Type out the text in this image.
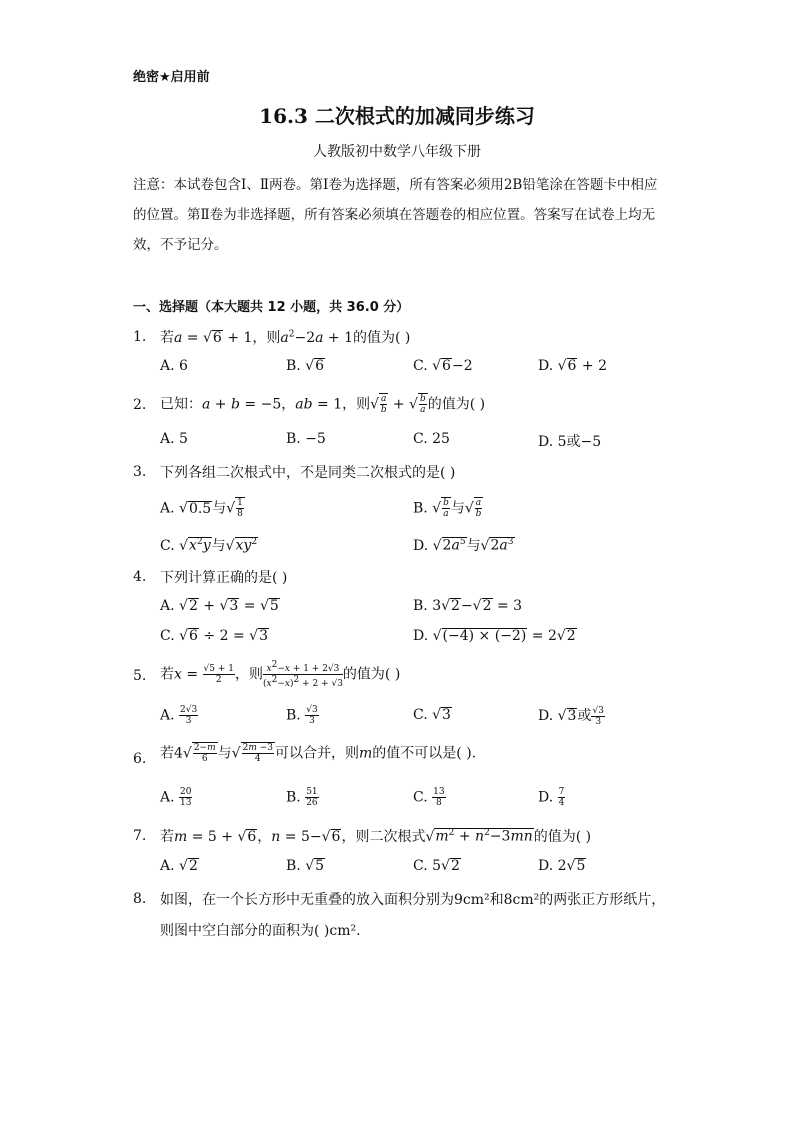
绝密★启用前
16.3 二次根式的加减同步练习
人教版初中数学八年级下册
注意：本试卷包含Ⅰ、Ⅱ两卷。第Ⅰ卷为选择题，所有答案必须用2B铅笔涂在答题卡中相应的位置。第Ⅱ卷为非选择题，所有答案必须填在答题卷的相应位置。答案写在试卷上均无效，不予记分。
一、选择题（本大题共 12 小题，共 36.0 分）
1. 若a = √6 + 1，则$a^2-2a + 1$的值为( )
A. 6	B. √6	C. √6−2	D. √6 + 2
2. 已知：a + b = −5，ab = 1，则√ $\frac{a}{b}$ + √ $\frac{b}{a}$ 的值为( )
A. 5	B. −5	C. 25	D. 5或−5
3. 下列各组二次根式中，不是同类二次根式的是( )
A. √0.5与√ $\frac{1}{8}$	B. √ $\frac{b}{a}$ 与√ $\frac{a}{b}$
C. $√x^2y$与$√xy^2$	D. $√2a^5$与$√2a^3$
4. 下列计算正确的是( )
A. √2 + √3 = √5	B. 3√2−√2 = 3
C. √6 ÷ 2 = √3	D. √(−4) × (−2) = 2√2
5. 若$x = \frac{√5 + 1}{2}$ ，则 $\frac{x^2-x + 1 + 2√3}{(x^2-x)^2 + 2 + √3}$ 的值为( )
A. $\frac{2√3}{3}$	B. $\frac{√3}{3}$	C. √3	D. √3或 $\frac{√3}{3}$
6. 若$4√ \frac{2-m}{6}$ 与√ $\frac{2m -3}{4}$ 可以合并，则m的值不可以是( ).
A. $\frac{20}{13}$	B. $\frac{51}{26}$	C. $\frac{13}{8}$	D. $\frac{7}{4}$
7. 若m = 5 + √6，n = 5−√6，则二次根式$√m^2 + n^2-3mn$的值为( )
A. √2	B. √5	C. 5√2	D. 2√5
8. 如图，在一个长方形中无重叠的放入面积分别为9cm²和8cm²的两张正方形纸片，
则图中空白部分的面积为( )cm².
